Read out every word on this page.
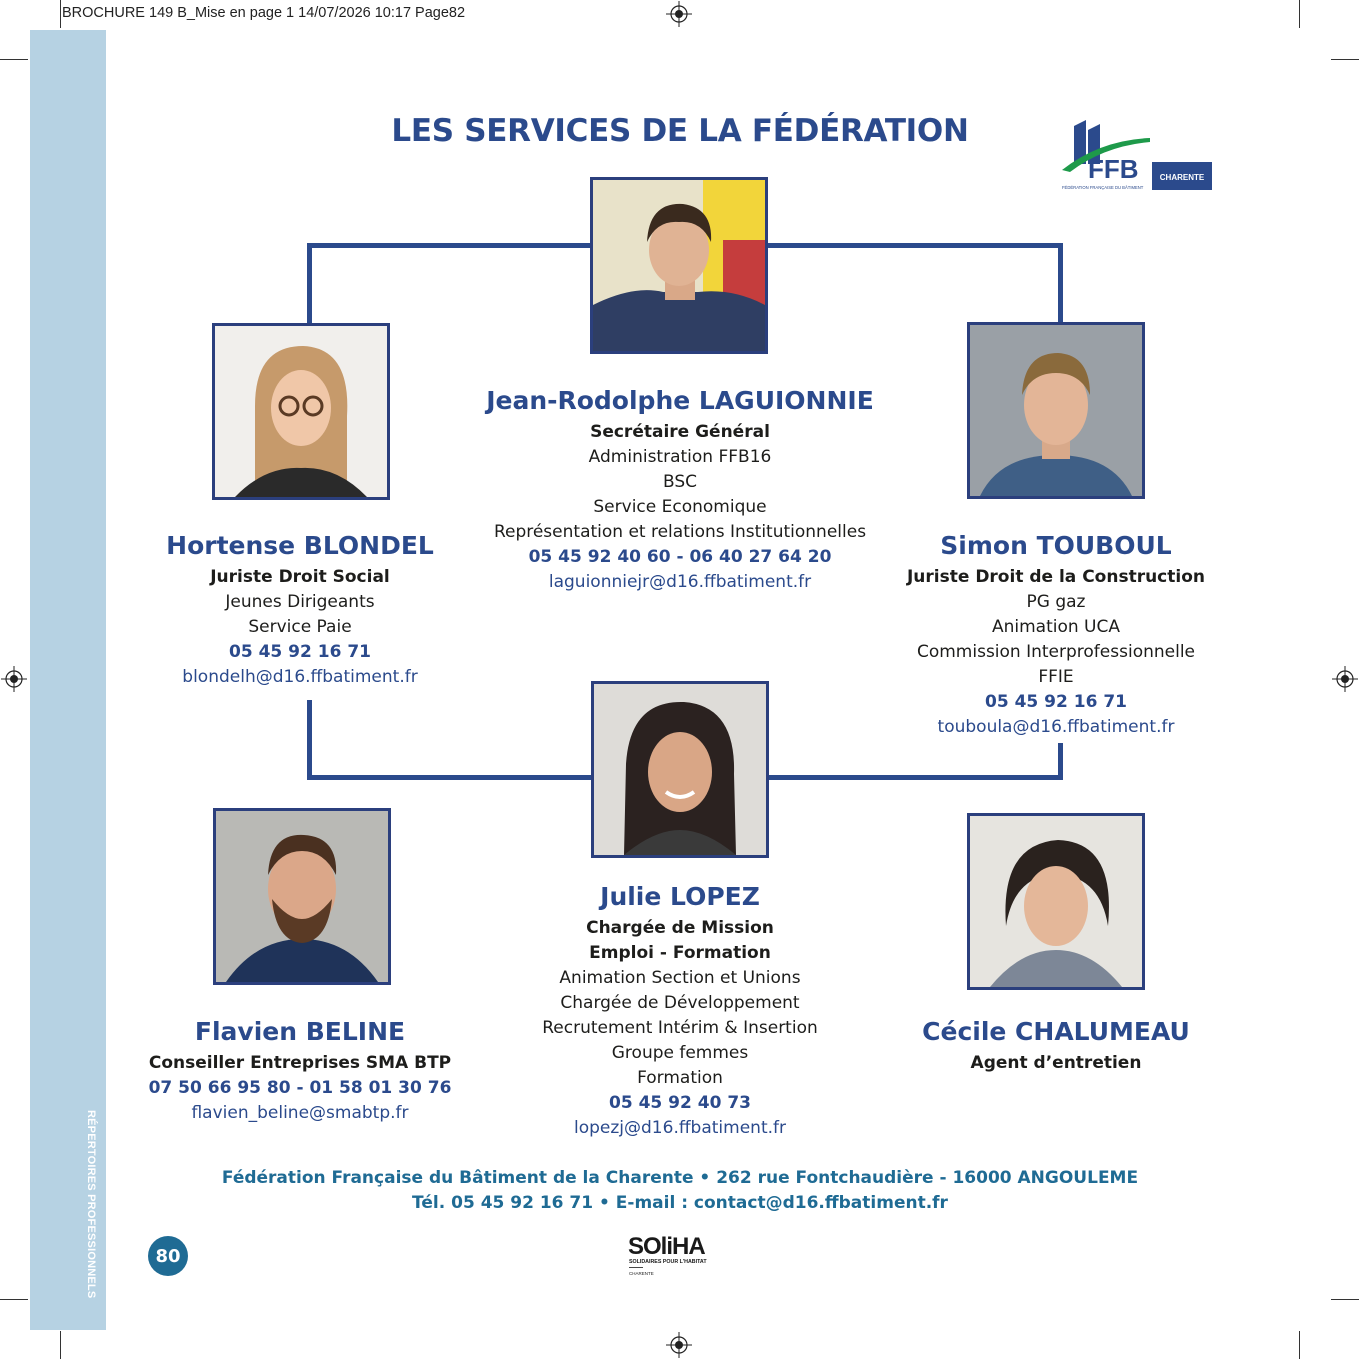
BROCHURE 149 B_Mise en page 1 14/07/2026 10:17 Page82
RÉPERTOIRES PROFESSIONNELS	80
LES SERVICES DE LA FÉDÉRATION
FFB	CHARENTE
FÉDÉRATION FRANÇAISE DU BÂTIMENT
Jean-Rodolphe LAGUIONNIE
Secrétaire Général
Administration FFB16
BSC
Service Economique
Représentation et relations Institutionnelles
05 45 92 40 60 - 06 40 27 64 20
laguionniejr@d16.ffbatiment.fr
Hortense BLONDEL
Juriste Droit Social
Jeunes Dirigeants
Service Paie
05 45 92 16 71
blondelh@d16.ffbatiment.fr
Simon TOUBOUL
Juriste Droit de la Construction
PG gaz
Animation UCA
Commission Interprofessionnelle
FFIE
05 45 92 16 71
touboula@d16.ffbatiment.fr
Julie LOPEZ
Chargée de Mission
Emploi - Formation
Animation Section et Unions
Chargée de Développement
Recrutement Intérim & Insertion
Groupe femmes
Formation
05 45 92 40 73
lopezj@d16.ffbatiment.fr
Flavien BELINE
Conseiller Entreprises SMA BTP
07 50 66 95 80 - 01 58 01 30 76
flavien_beline@smabtp.fr
Cécile CHALUMEAU
Agent d’entretien
Fédération Française du Bâtiment de la Charente • 262 rue Fontchaudière - 16000 ANGOULEME
Tél. 05 45 92 16 71 • E-mail : contact@d16.ffbatiment.fr
SOliHA
SOLIDAIRES POUR L'HABITAT
CHARENTE
